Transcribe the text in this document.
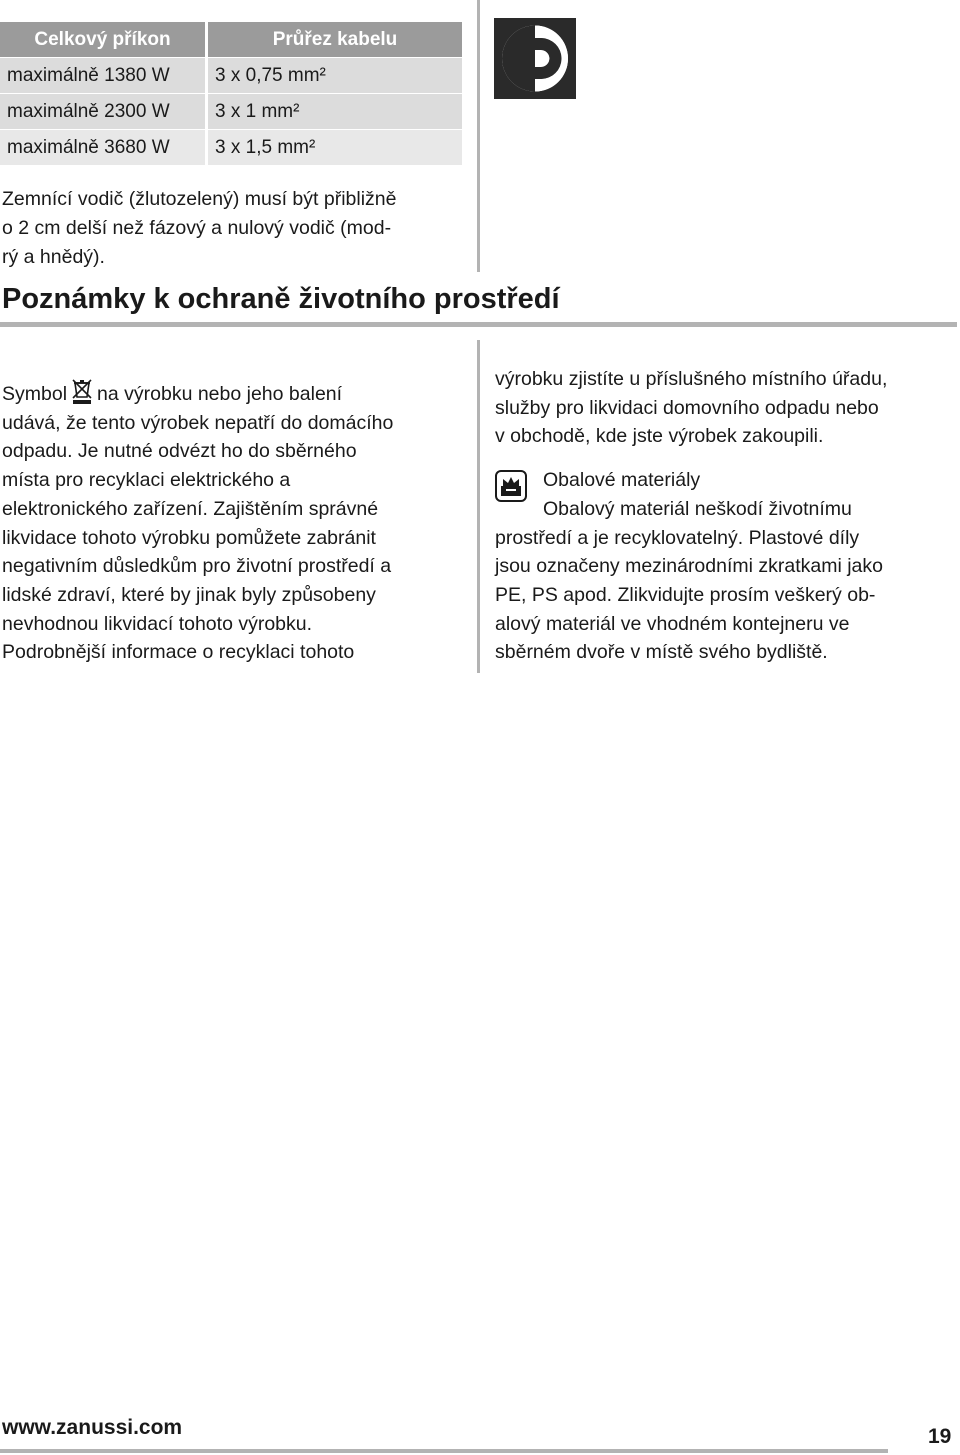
Celkový příkon	Průřez kabelu
maximálně 1380 W	3 x 0,75 mm²
maximálně 2300 W	3 x 1 mm²
maximálně 3680 W	3 x 1,5 mm²
Zemnící vodič (žlutozelený) musí být přibližně
o 2 cm delší než fázový a nulový vodič (mod-
rý a hnědý).
Poznámky k ochraně životního prostředí
Symbol na výrobku nebo jeho balení
udává, že tento výrobek nepatří do domácího
odpadu. Je nutné odvézt ho do sběrného
místa pro recyklaci elektrického a
elektronického zařízení. Zajištěním správné
likvidace tohoto výrobku pomůžete zabránit
negativním důsledkům pro životní prostředí a
lidské zdraví, které by jinak byly způsobeny
nevhodnou likvidací tohoto výrobku.
Podrobnější informace o recyklaci tohoto
výrobku zjistíte u příslušného místního úřadu,
služby pro likvidaci domovního odpadu nebo
v obchodě, kde jste výrobek zakoupili.
Obalové materiály
Obalový materiál neškodí životnímu
prostředí a je recyklovatelný. Plastové díly
jsou označeny mezinárodními zkratkami jako
PE, PS apod. Zlikvidujte prosím veškerý ob-
alový materiál ve vhodném kontejneru ve
sběrném dvoře v místě svého bydliště.
www.zanussi.com	19
